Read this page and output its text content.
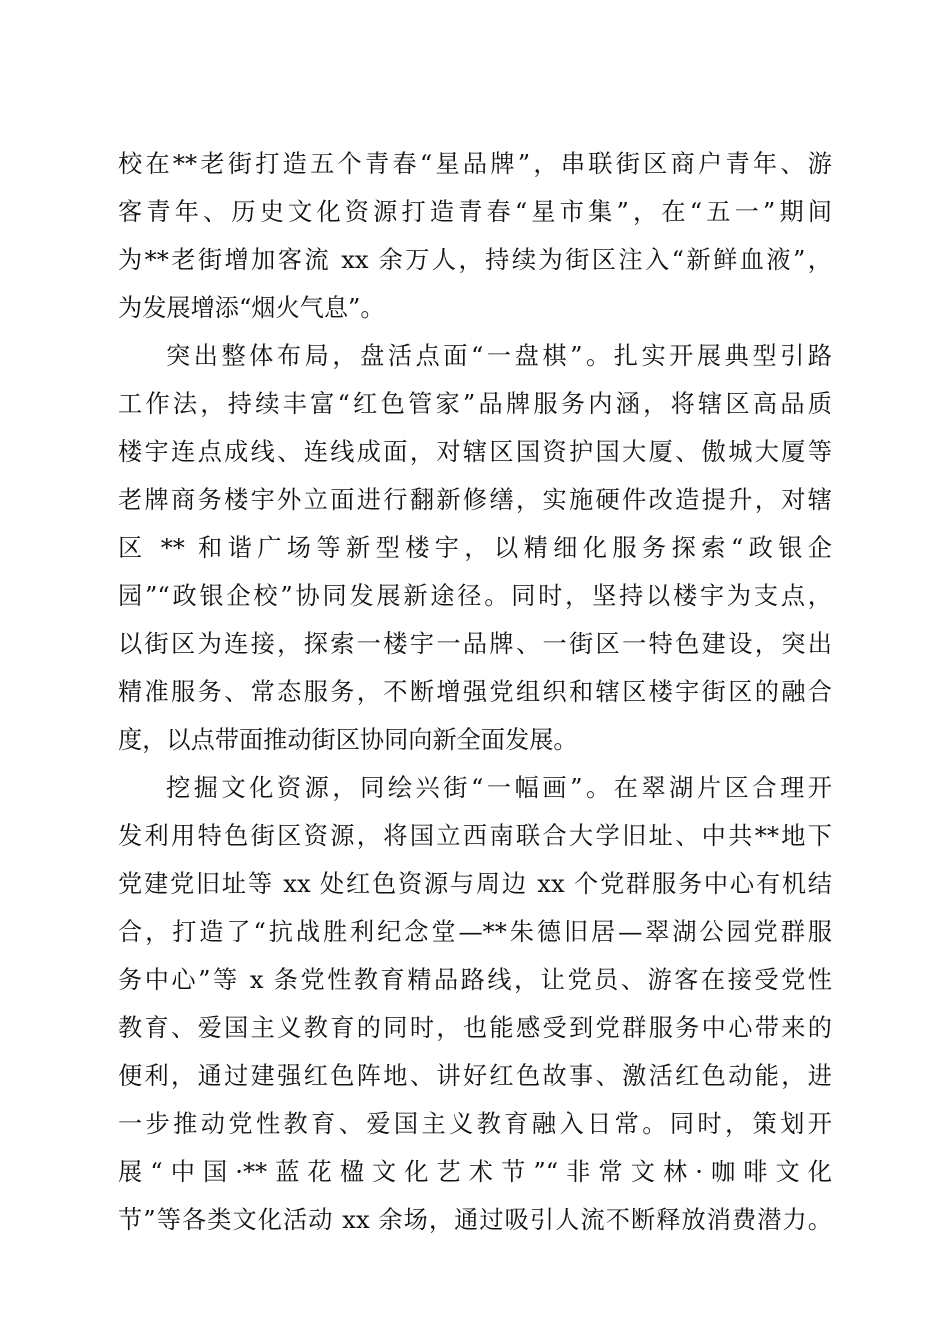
校在**老街打造五个青春“星品牌”，串联街区商户青年、游
客青年、历史文化资源打造青春“星市集”，在“五一”期间
为**老街增加客流 xx 余万人，持续为街区注入“新鲜血液”，
为发展增添“烟火气息”。
突出整体布局，盘活点面“一盘棋”。扎实开展典型引路
工作法，持续丰富“红色管家”品牌服务内涵，将辖区高品质
楼宇连点成线、连线成面，对辖区国资护国大厦、傲城大厦等
老牌商务楼宇外立面进行翻新修缮，实施硬件改造提升，对辖
区 ** 和谐广场等新型楼宇，以精细化服务探索“政银企
园”“政银企校”协同发展新途径。同时，坚持以楼宇为支点，
以街区为连接，探索一楼宇一品牌、一街区一特色建设，突出
精准服务、常态服务，不断增强党组织和辖区楼宇街区的融合
度，以点带面推动街区协同向新全面发展。
挖掘文化资源，同绘兴街“一幅画”。在翠湖片区合理开
发利用特色街区资源，将国立西南联合大学旧址、中共**地下
党建党旧址等 xx 处红色资源与周边 xx 个党群服务中心有机结
合，打造了“抗战胜利纪念堂—**朱德旧居—翠湖公园党群服
务中心”等 x 条党性教育精品路线，让党员、游客在接受党性
教育、爱国主义教育的同时，也能感受到党群服务中心带来的
便利，通过建强红色阵地、讲好红色故事、激活红色动能，进
一步推动党性教育、爱国主义教育融入日常。同时，策划开
展“中国·**蓝花楹文化艺术节”“非常文林·咖啡文化
节”等各类文化活动 xx 余场，通过吸引人流不断释放消费潜力。
